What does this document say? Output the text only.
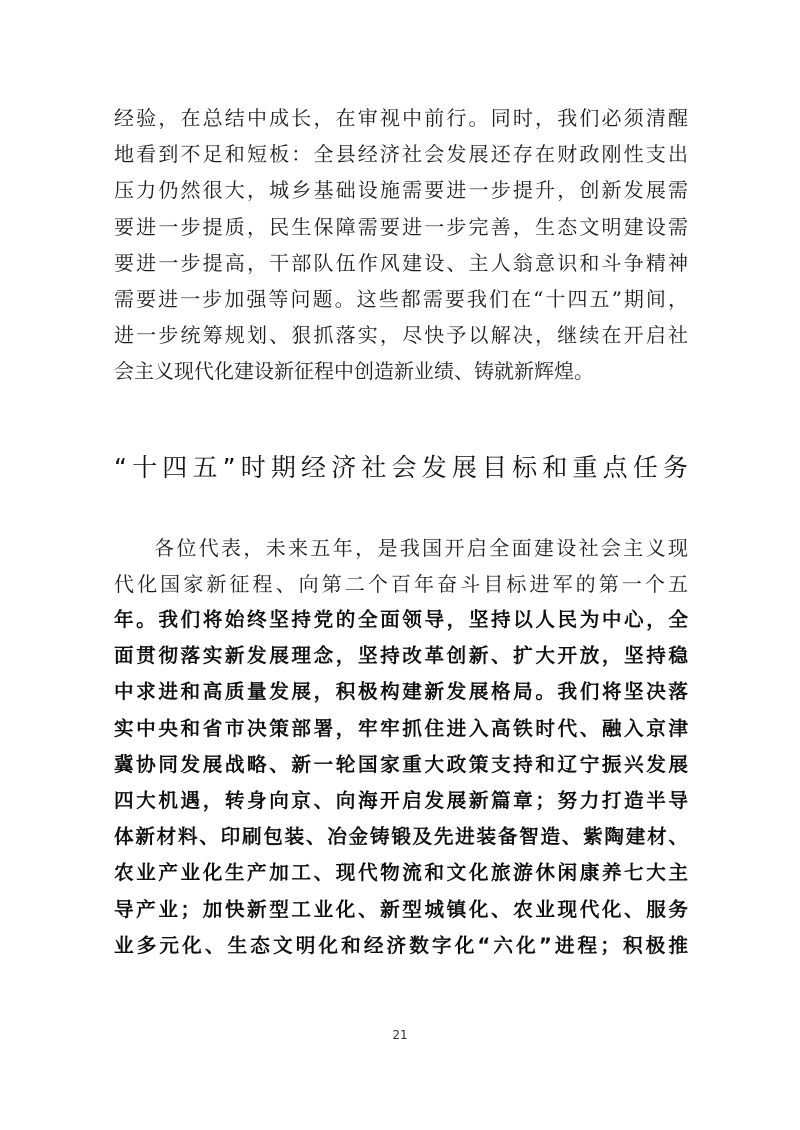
经验，在总结中成长，在审视中前行。同时，我们必须清醒
地看到不足和短板：全县经济社会发展还存在财政刚性支出
压力仍然很大，城乡基础设施需要进一步提升，创新发展需
要进一步提质，民生保障需要进一步完善，生态文明建设需
要进一步提高，干部队伍作风建设、主人翁意识和斗争精神
需要进一步加强等问题。这些都需要我们在“十四五”期间，
进一步统筹规划、狠抓落实，尽快予以解决，继续在开启社
会主义现代化建设新征程中创造新业绩、铸就新辉煌。
“十四五”时期经济社会发展目标和重点任务
各位代表，未来五年，是我国开启全面建设社会主义现
代化国家新征程、向第二个百年奋斗目标进军的第一个五
年。我们将始终坚持党的全面领导，坚持以人民为中心，全
面贯彻落实新发展理念，坚持改革创新、扩大开放，坚持稳
中求进和高质量发展，积极构建新发展格局。我们将坚决落
实中央和省市决策部署，牢牢抓住进入高铁时代、融入京津
冀协同发展战略、新一轮国家重大政策支持和辽宁振兴发展
四大机遇，转身向京、向海开启发展新篇章；努力打造半导
体新材料、印刷包装、冶金铸锻及先进装备智造、紫陶建材、
农业产业化生产加工、现代物流和文化旅游休闲康养七大主
导产业；加快新型工业化、新型城镇化、农业现代化、服务
业多元化、生态文明化和经济数字化“六化”进程；积极推
21
